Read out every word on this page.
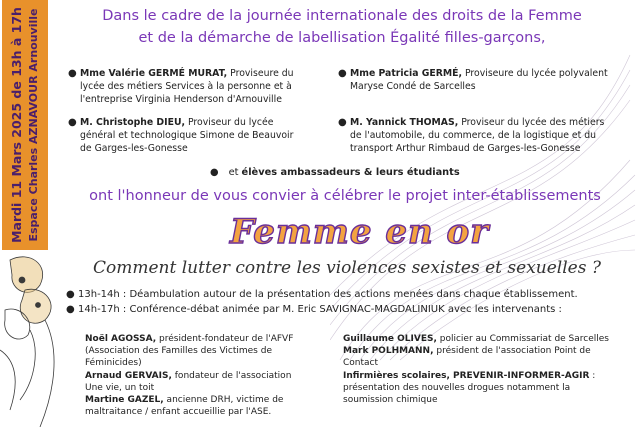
Mardi 11 Mars 2025 de 13h à 17h Espace Charles AZNAVOUR Arnouville	Dans le cadre de la journée internationale des droits de la Femme
et de la démarche de labellisation Égalité filles-garçons,
● Mme Valérie GERMÉ MURAT, Proviseure du
lycée des métiers Services à la personne et à
l'entreprise Virginia Henderson d'Arnouville
● Mme Patricia GERMÉ, Proviseure du lycée polyvalent
Maryse Condé de Sarcelles
● M. Christophe DIEU, Proviseur du lycée
général et technologique Simone de Beauvoir
de Garges-les-Gonesse
● M. Yannick THOMAS, Proviseur du lycée des métiers
de l'automobile, du commerce, de la logistique et du
transport Arthur Rimbaud de Garges-les-Gonesse
● et élèves ambassadeurs & leurs étudiants
ont l'honneur de vous convier à célébrer le projet inter-établissements
Femme en or
Comment lutter contre les violences sexistes et sexuelles ?
● 13h-14h : Déambulation autour de la présentation des actions menées dans chaque établissement.
● 14h-17h : Conférence-débat animée par M. Eric SAVIGNAC-MAGDALINIUK avec les intervenants :

Noël AGOSSA, président-fondateur de l'AFVF (Association des Familles des Victimes de Féminicides)

Arnaud GERVAIS, fondateur de l'association Une vie, un toit

Martine GAZEL, ancienne DRH, victime de maltraitance / enfant accueillie par l'ASE.

Guillaume OLIVES, policier au Commissariat de Sarcelles

Mark POLHMANN, président de l'association Point de Contact

Infirmières scolaires, PREVENIR-INFORMER-AGIR : présentation des nouvelles drogues notamment la soumission chimique
